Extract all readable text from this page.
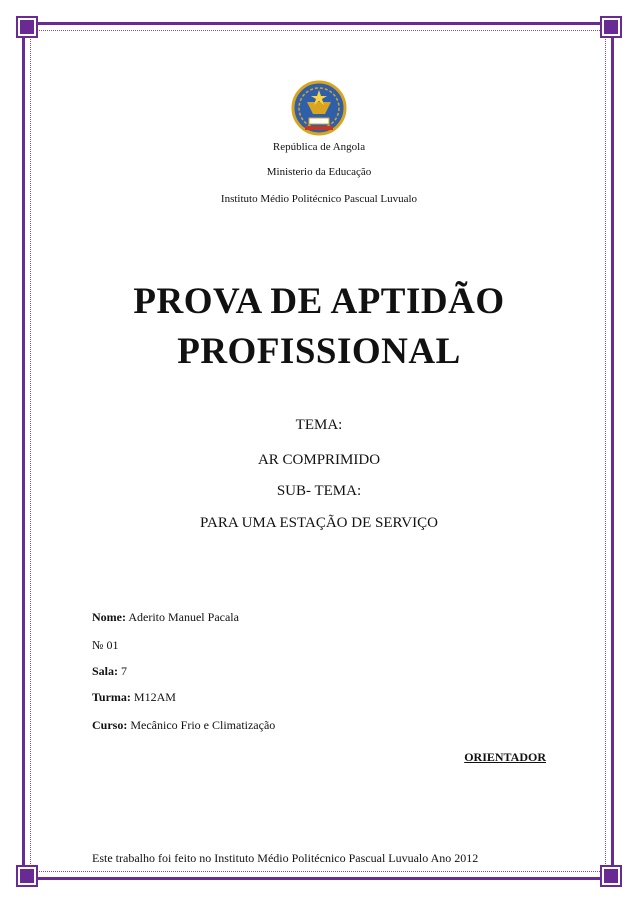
República de Angola
Ministerio da Educação
Instituto Médio Politécnico Pascual Luvualo
PROVA DE APTIDÃO
PROFISSIONAL
TEMA:
AR COMPRIMIDO
SUB- TEMA:
PARA UMA ESTAÇÃO DE SERVIÇO
Nome: Aderito Manuel Pacala
№ 01
Sala: 7
Turma: M12AM
Curso: Mecânico Frio e Climatização
ORIENTADOR
Este trabalho foi feito no Instituto Médio Politécnico Pascual Luvualo Ano 2012
